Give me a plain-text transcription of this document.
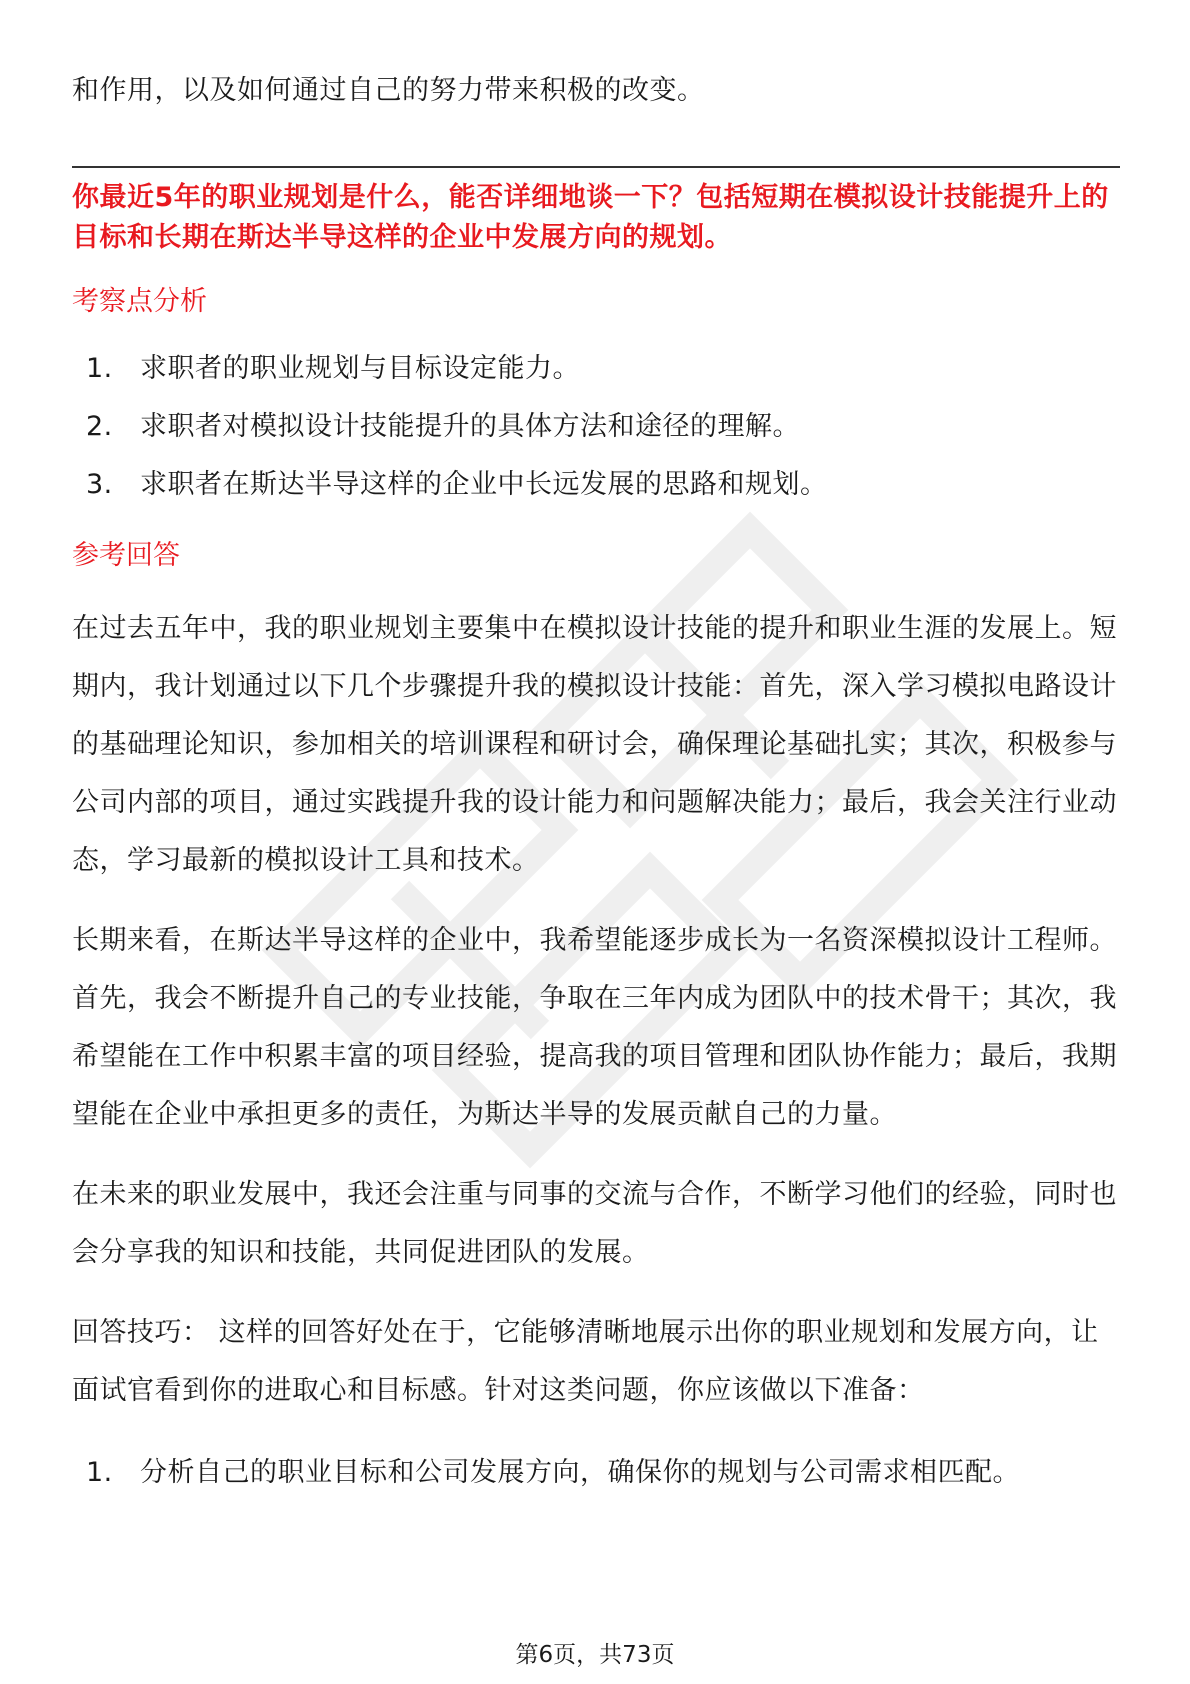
和作用，以及如何通过自己的努力带来积极的改变。

你最近5年的职业规划是什么，能否详细地谈一下？包括短期在模拟设计技能提升上的目标和长期在斯达半导这样的企业中发展方向的规划。

考察点分析
1.	求职者的职业规划与目标设定能力。
2.	求职者对模拟设计技能提升的具体方法和途径的理解。
3.	求职者在斯达半导这样的企业中长远发展的思路和规划。
参考回答

在过去五年中，我的职业规划主要集中在模拟设计技能的提升和职业生涯的发展上。短期内，我计划通过以下几个步骤提升我的模拟设计技能：首先，深入学习模拟电路设计的基础理论知识，参加相关的培训课程和研讨会，确保理论基础扎实；其次，积极参与公司内部的项目，通过实践提升我的设计能力和问题解决能力；最后，我会关注行业动态，学习最新的模拟设计工具和技术。

长期来看，在斯达半导这样的企业中，我希望能逐步成长为一名资深模拟设计工程师。首先，我会不断提升自己的专业技能，争取在三年内成为团队中的技术骨干；其次，我希望能在工作中积累丰富的项目经验，提高我的项目管理和团队协作能力；最后，我期望能在企业中承担更多的责任，为斯达半导的发展贡献自己的力量。

在未来的职业发展中，我还会注重与同事的交流与合作，不断学习他们的经验，同时也会分享我的知识和技能，共同促进团队的发展。

回答技巧： 这样的回答好处在于，它能够清晰地展示出你的职业规划和发展方向，让面试官看到你的进取心和目标感。针对这类问题，你应该做以下准备：

1.	分析自己的职业目标和公司发展方向，确保你的规划与公司需求相匹配。
第6页，共73页
